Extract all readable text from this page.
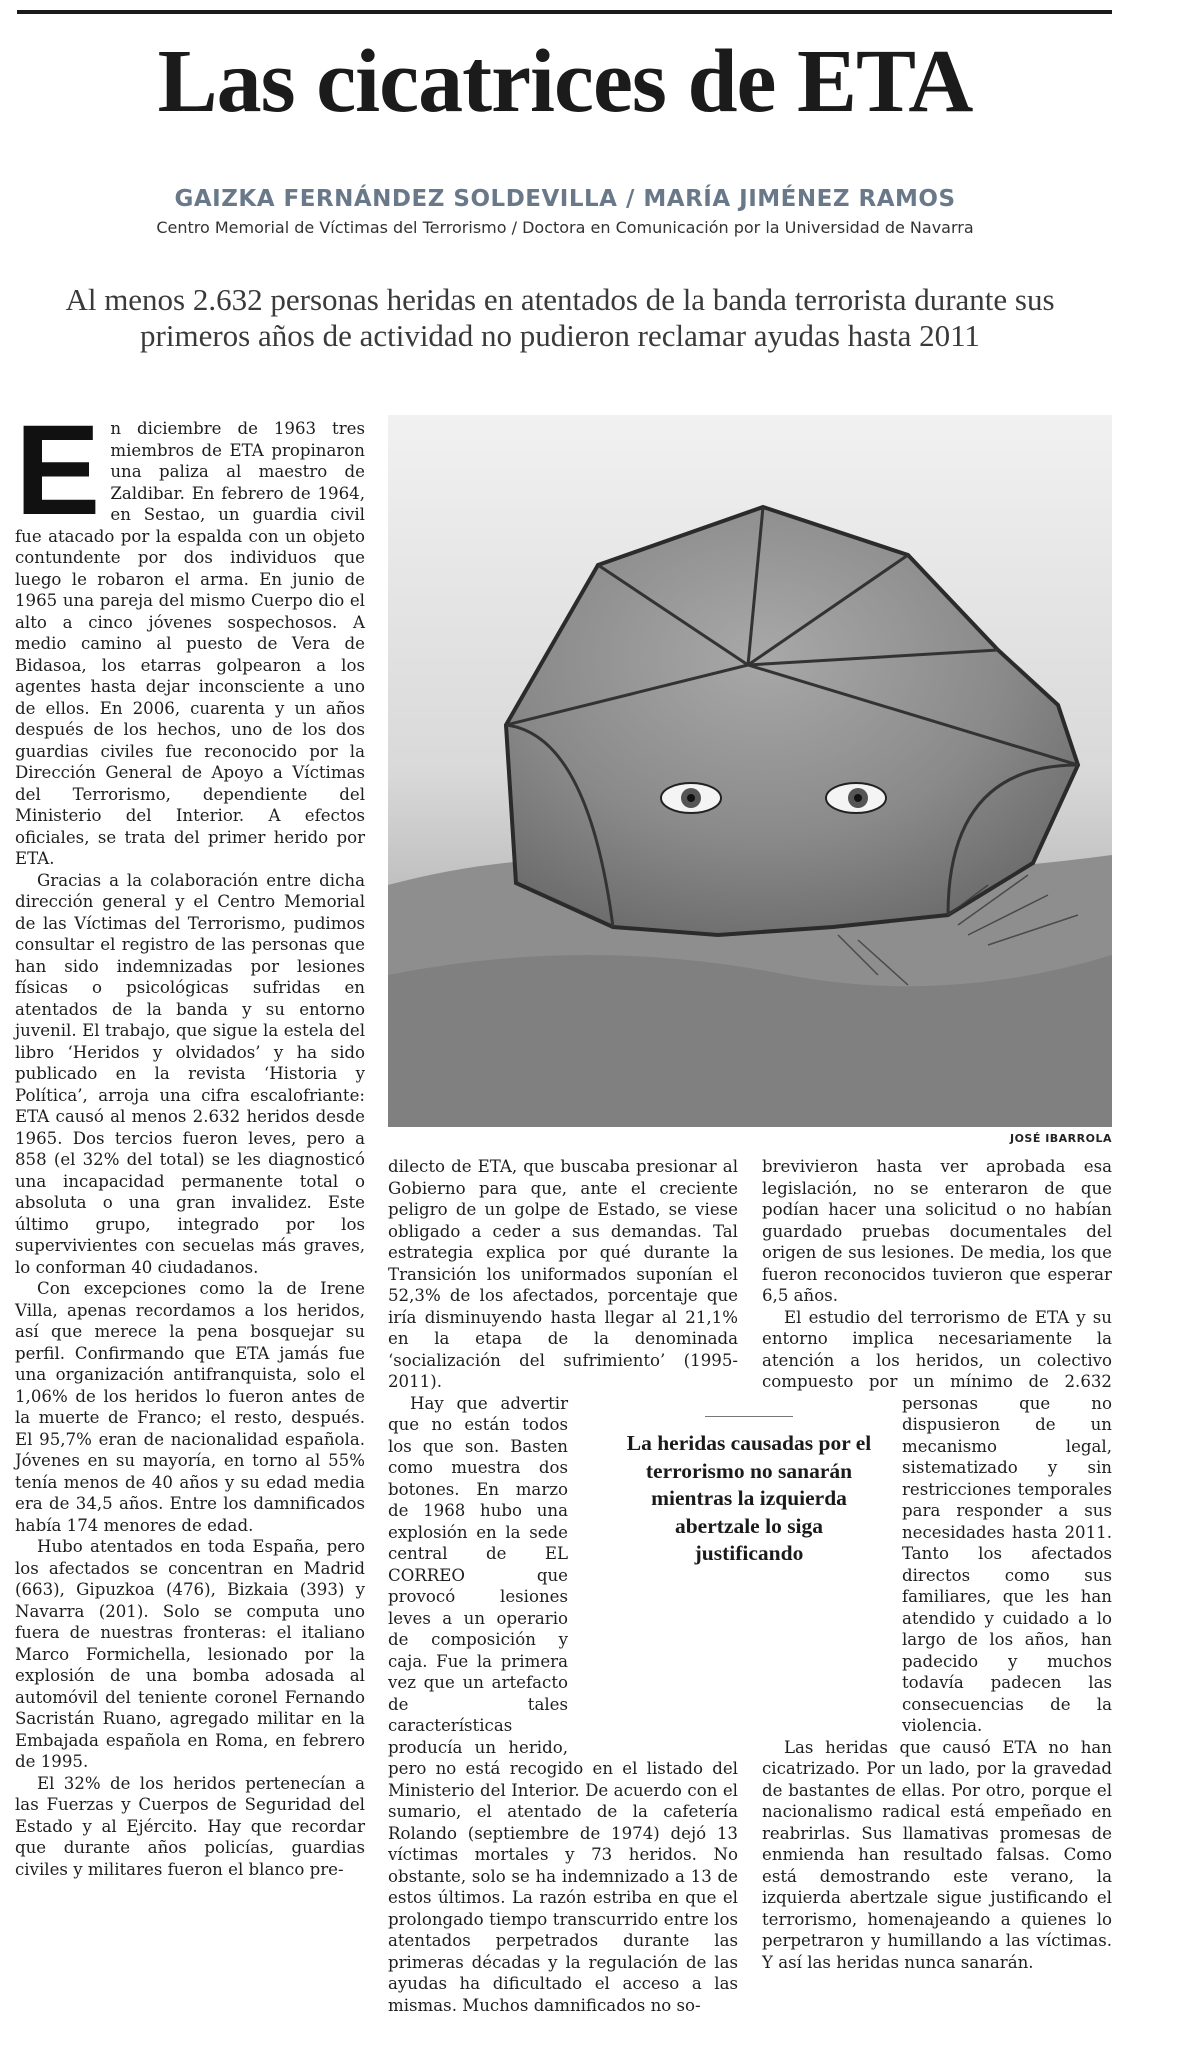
Las cicatrices de ETA
GAIZKA FERNÁNDEZ SOLDEVILLA / MARÍA JIMÉNEZ RAMOS
Centro Memorial de Víctimas del Terrorismo / Doctora en Comunicación por la Universidad de Navarra
Al menos 2.632 personas heridas en atentados de la banda terrorista durante sus primeros años de actividad no pudieron reclamar ayudas hasta 2011
E n diciembre de 1963 tres miembros de ETA propinaron una paliza al maestro de Zaldibar. En febrero de 1964, en Sestao, un guardia civil fue atacado por la espalda con un objeto contundente por dos individuos que luego le robaron el arma. En junio de 1965 una pareja del mismo Cuerpo dio el alto a cinco jóvenes sospechosos. A medio camino al puesto de Vera de Bidasoa, los etarras golpearon a los agentes hasta dejar inconsciente a uno de ellos. En 2006, cuarenta y un años después de los hechos, uno de los dos guardias civiles fue reconocido por la Dirección General de Apoyo a Víctimas del Terrorismo, dependiente del Ministerio del Interior. A efectos oficiales, se trata del primer herido por ETA.

Gracias a la colaboración entre dicha dirección general y el Centro Memorial de las Víctimas del Terrorismo, pudimos consultar el registro de las personas que han sido indemnizadas por lesiones físicas o psicológicas sufridas en atentados de la banda y su entorno juvenil. El trabajo, que sigue la estela del libro ‘Heridos y olvidados’ y ha sido publicado en la revista ‘Historia y Política’, arroja una cifra escalofriante: ETA causó al menos 2.632 heridos desde 1965. Dos tercios fueron leves, pero a 858 (el 32% del total) se les diagnosticó una incapacidad permanente total o absoluta o una gran invalidez. Este último grupo, integrado por los supervivientes con secuelas más graves, lo conforman 40 ciudadanos.

Con excepciones como la de Irene Villa, apenas recordamos a los heridos, así que merece la pena bosquejar su perfil. Confirmando que ETA jamás fue una organización antifranquista, solo el 1,06% de los heridos lo fueron antes de la muerte de Franco; el resto, después. El 95,7% eran de nacionalidad española. Jóvenes en su mayoría, en torno al 55% tenía menos de 40 años y su edad media era de 34,5 años. Entre los damnificados había 174 menores de edad.

Hubo atentados en toda España, pero los afectados se concentran en Madrid (663), Gipuzkoa (476), Bizkaia (393) y Navarra (201). Solo se computa uno fuera de nuestras fronteras: el italiano Marco Formichella, lesionado por la explosión de una bomba adosada al automóvil del teniente coronel Fernando Sacristán Ruano, agregado militar en la Embajada española en Roma, en febrero de 1995.

El 32% de los heridos pertenecían a las Fuerzas y Cuerpos de Seguridad del Estado y al Ejército. Hay que recordar que durante años policías, guardias civiles y militares fueron el blanco pre-

JOSÉ IBARROLA

dilecto de ETA, que buscaba presionar al Gobierno para que, ante el creciente peligro de un golpe de Estado, se viese obligado a ceder a sus demandas. Tal estrategia explica por qué durante la Transición los uniformados suponían el 52,3% de los afectados, porcentaje que iría disminuyendo hasta llegar al 21,1% en la etapa de la denominada ‘socialización del sufrimiento’ (1995-2011).

Hay que advertir que no están todos los que son. Basten como muestra dos botones. En marzo de 1968 hubo una explosión en la sede central de EL CORREO que provocó lesiones leves a un operario de composición y caja. Fue la primera vez que un artefacto de tales características producía un herido, pero no está recogido en el listado del Ministerio del Interior. De acuerdo con el sumario, el atentado de la cafetería Rolando (septiembre de 1974) dejó 13 víctimas mortales y 73 heridos. No obstante, solo se ha indemnizado a 13 de estos últimos. La razón estriba en que el prolongado tiempo transcurrido entre los atentados perpetrados durante las primeras décadas y la regulación de las ayudas ha dificultado el acceso a las mismas. Muchos damnificados no so-

brevivieron hasta ver aprobada esa legislación, no se enteraron de que podían hacer una solicitud o no habían guardado pruebas documentales del origen de sus lesiones. De media, los que fueron reconocidos tuvieron que esperar 6,5 años.

El estudio del terrorismo de ETA y su entorno implica necesariamente la atención a los heridos, un colectivo compuesto por un mínimo de 2.632 personas que no dispusieron de un mecanismo legal, sistematizado y sin restricciones temporales para responder a sus necesidades hasta 2011. Tanto los afectados directos como sus familiares, que les han atendido y cuidado a lo largo de los años, han padecido y muchos todavía padecen las consecuencias de la violencia.

Las heridas que causó ETA no han cicatrizado. Por un lado, por la gravedad de bastantes de ellas. Por otro, porque el nacionalismo radical está empeñado en reabrirlas. Sus llamativas promesas de enmienda han resultado falsas. Como está demostrando este verano, la izquierda abertzale sigue justificando el terrorismo, homenajeando a quienes lo perpetraron y humillando a las víctimas. Y así las heridas nunca sanarán.

La heridas causadas por el terrorismo no sanarán mientras la izquierda abertzale lo siga justificando
